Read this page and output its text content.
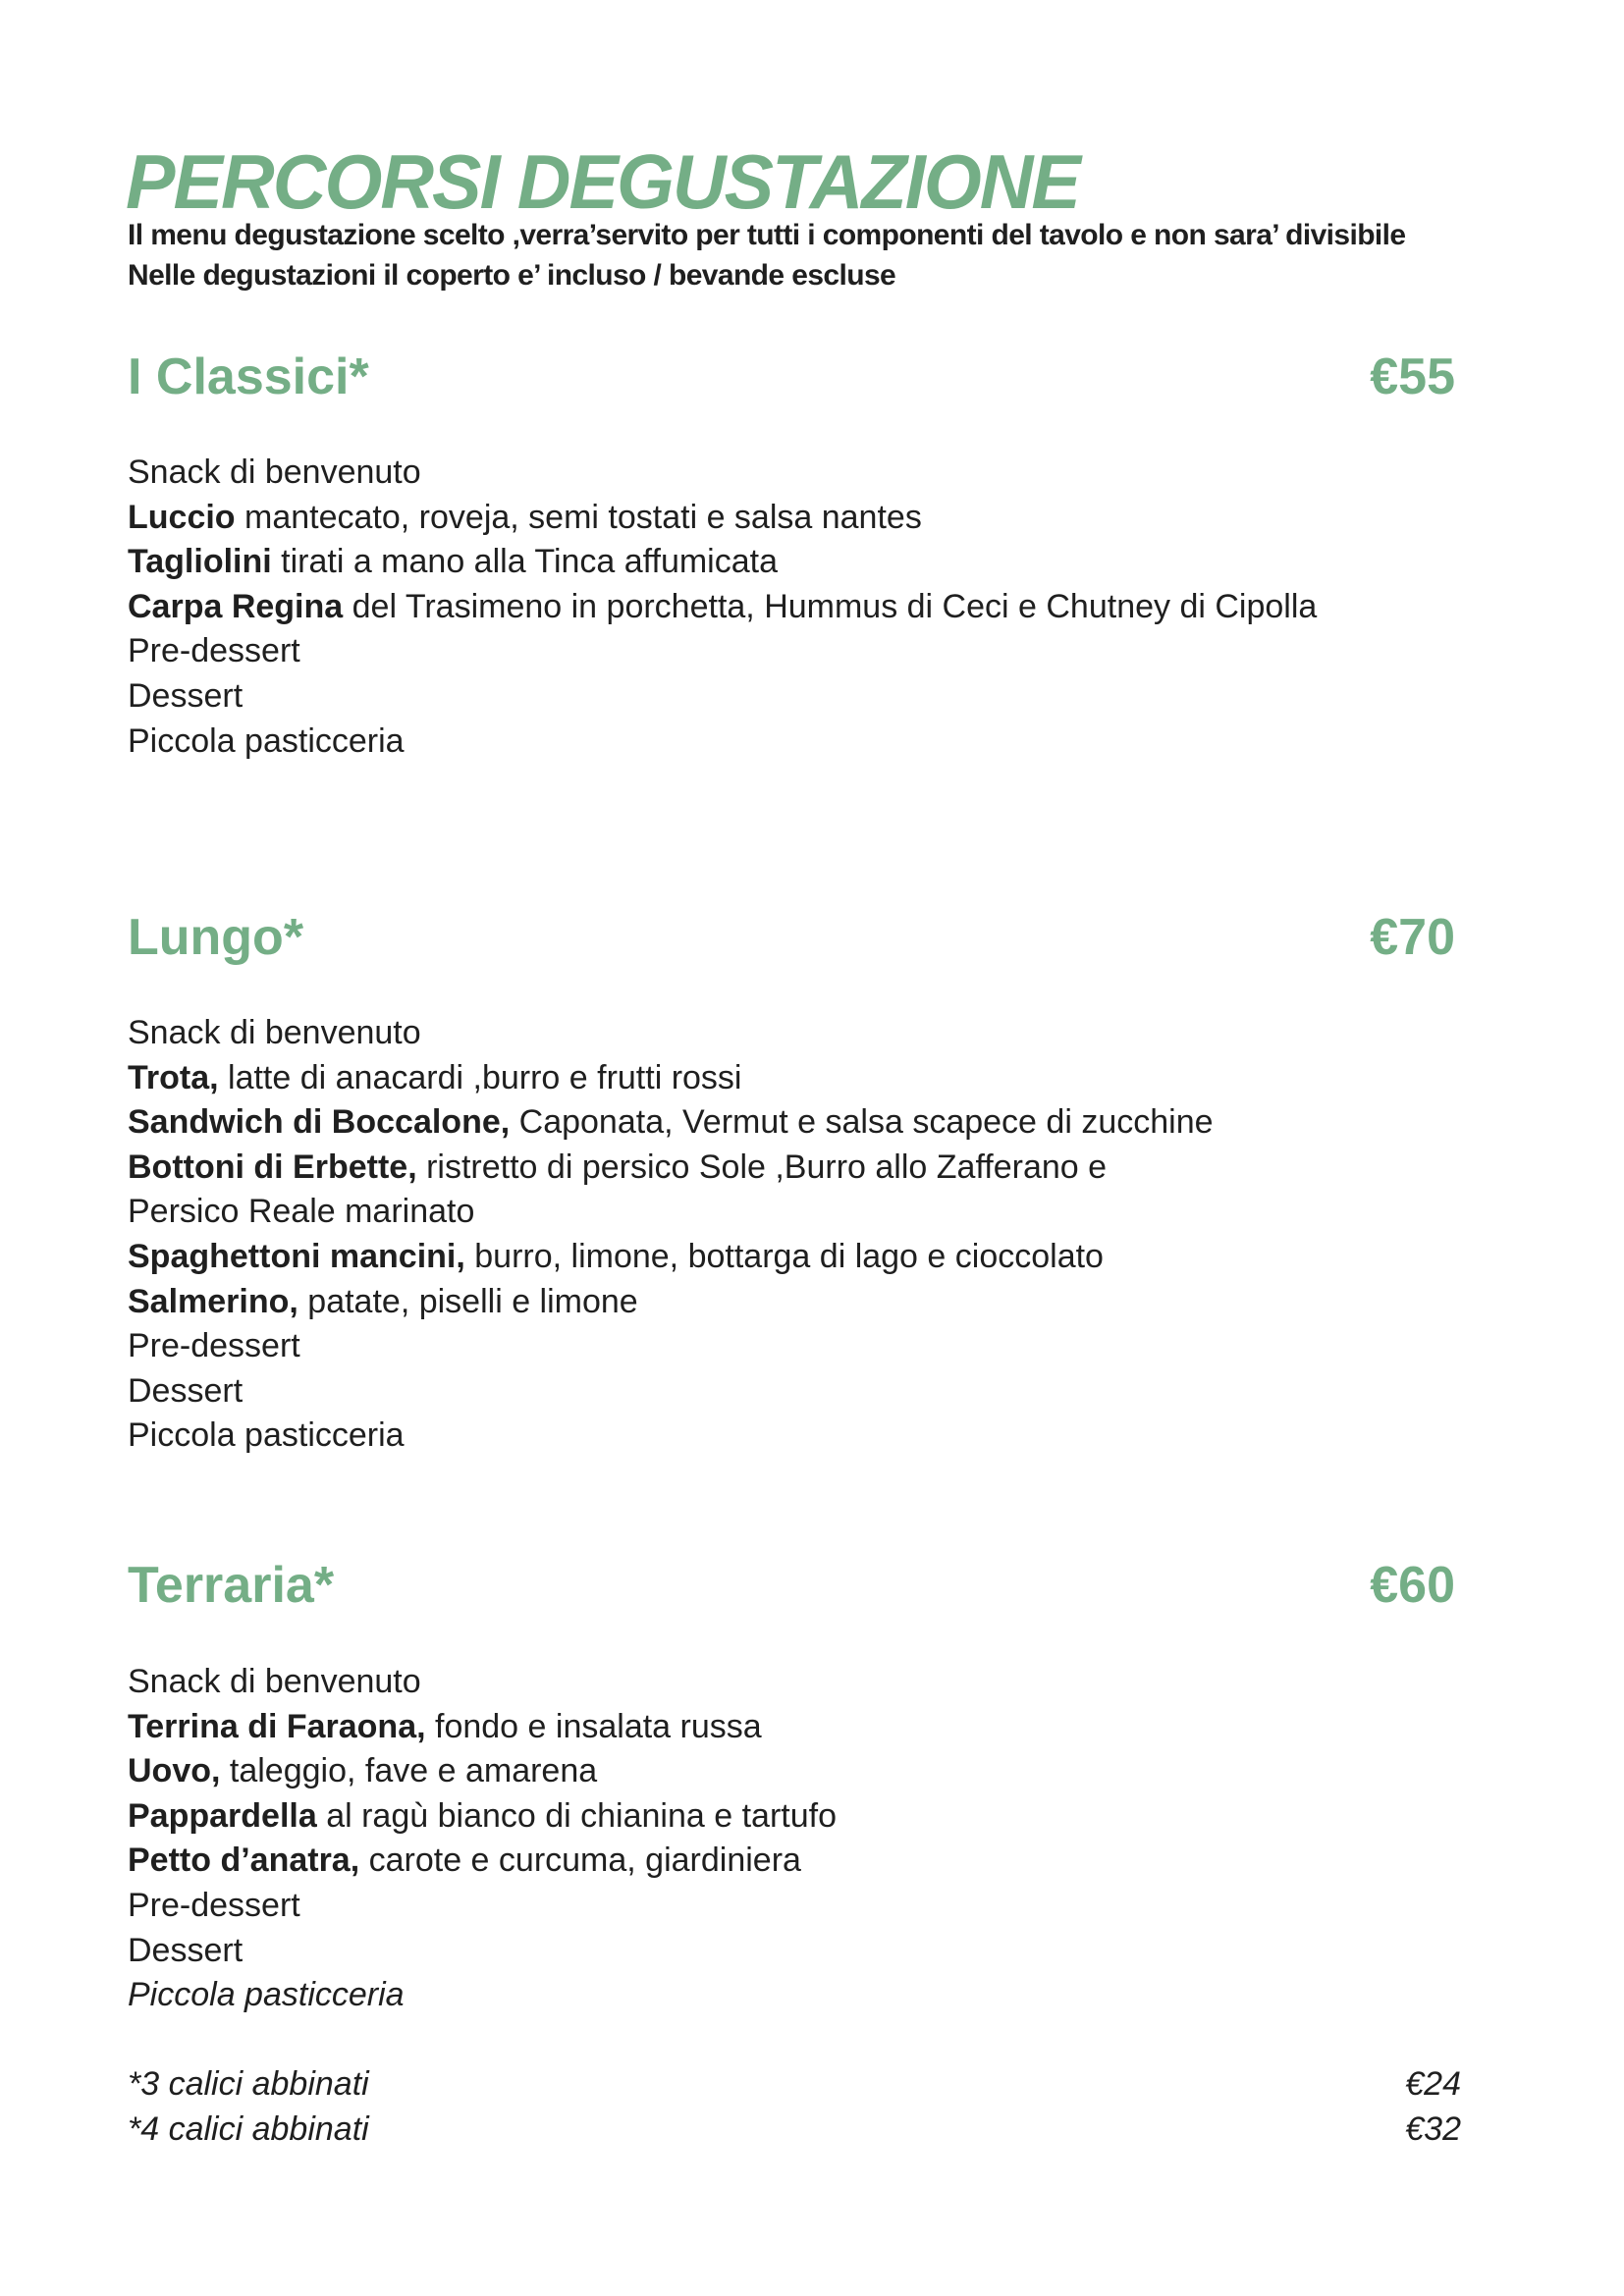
PERCORSI DEGUSTAZIONE
Il menu degustazione scelto ,verra’servito per tutti i componenti del tavolo e non sara’ divisibile
Nelle degustazioni il coperto e’ incluso / bevande escluse
I Classici*	€55
Snack di benvenuto
Luccio mantecato, roveja, semi tostati e salsa nantes
Tagliolini tirati a mano alla Tinca affumicata
Carpa Regina del Trasimeno in porchetta, Hummus di Ceci e Chutney di Cipolla
Pre-dessert
Dessert
Piccola pasticceria
Lungo*	€70
Snack di benvenuto
Trota, latte di anacardi ,burro e frutti rossi
Sandwich di Boccalone, Caponata, Vermut e salsa scapece di zucchine
Bottoni di Erbette, ristretto di persico Sole ,Burro allo Zafferano e
Persico Reale marinato
Spaghettoni mancini, burro, limone, bottarga di lago e cioccolato
Salmerino, patate, piselli e limone
Pre-dessert
Dessert
Piccola pasticceria
Terraria*	€60
Snack di benvenuto
Terrina di Faraona, fondo e insalata russa
Uovo, taleggio, fave e amarena
Pappardella al ragù bianco di chianina e tartufo
Petto d’anatra, carote e curcuma, giardiniera
Pre-dessert
Dessert
Piccola pasticceria
*3 calici abbinati	€24
*4 calici abbinati	€32
